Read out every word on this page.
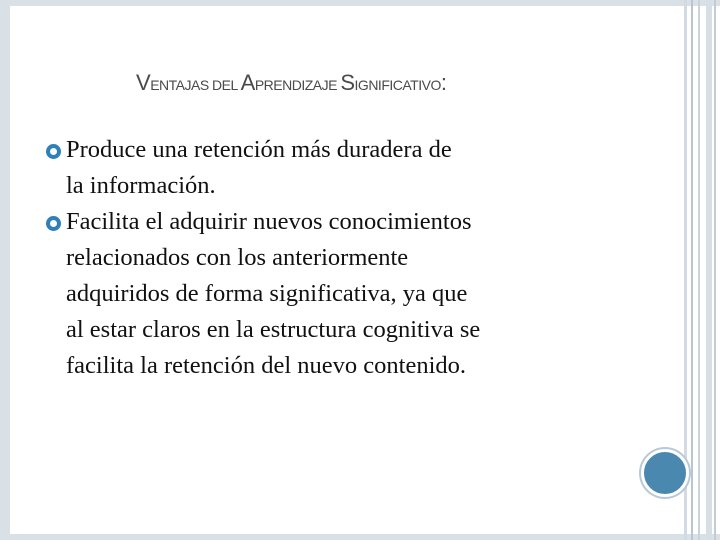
VENTAJAS DEL APRENDIZAJE SIGNIFICATIVO:
Produce una retención más duradera de
la información.
Facilita el adquirir nuevos conocimientos
relacionados con los anteriormente
adquiridos de forma significativa, ya que
al estar claros en la estructura cognitiva se
facilita la retención del nuevo contenido.
